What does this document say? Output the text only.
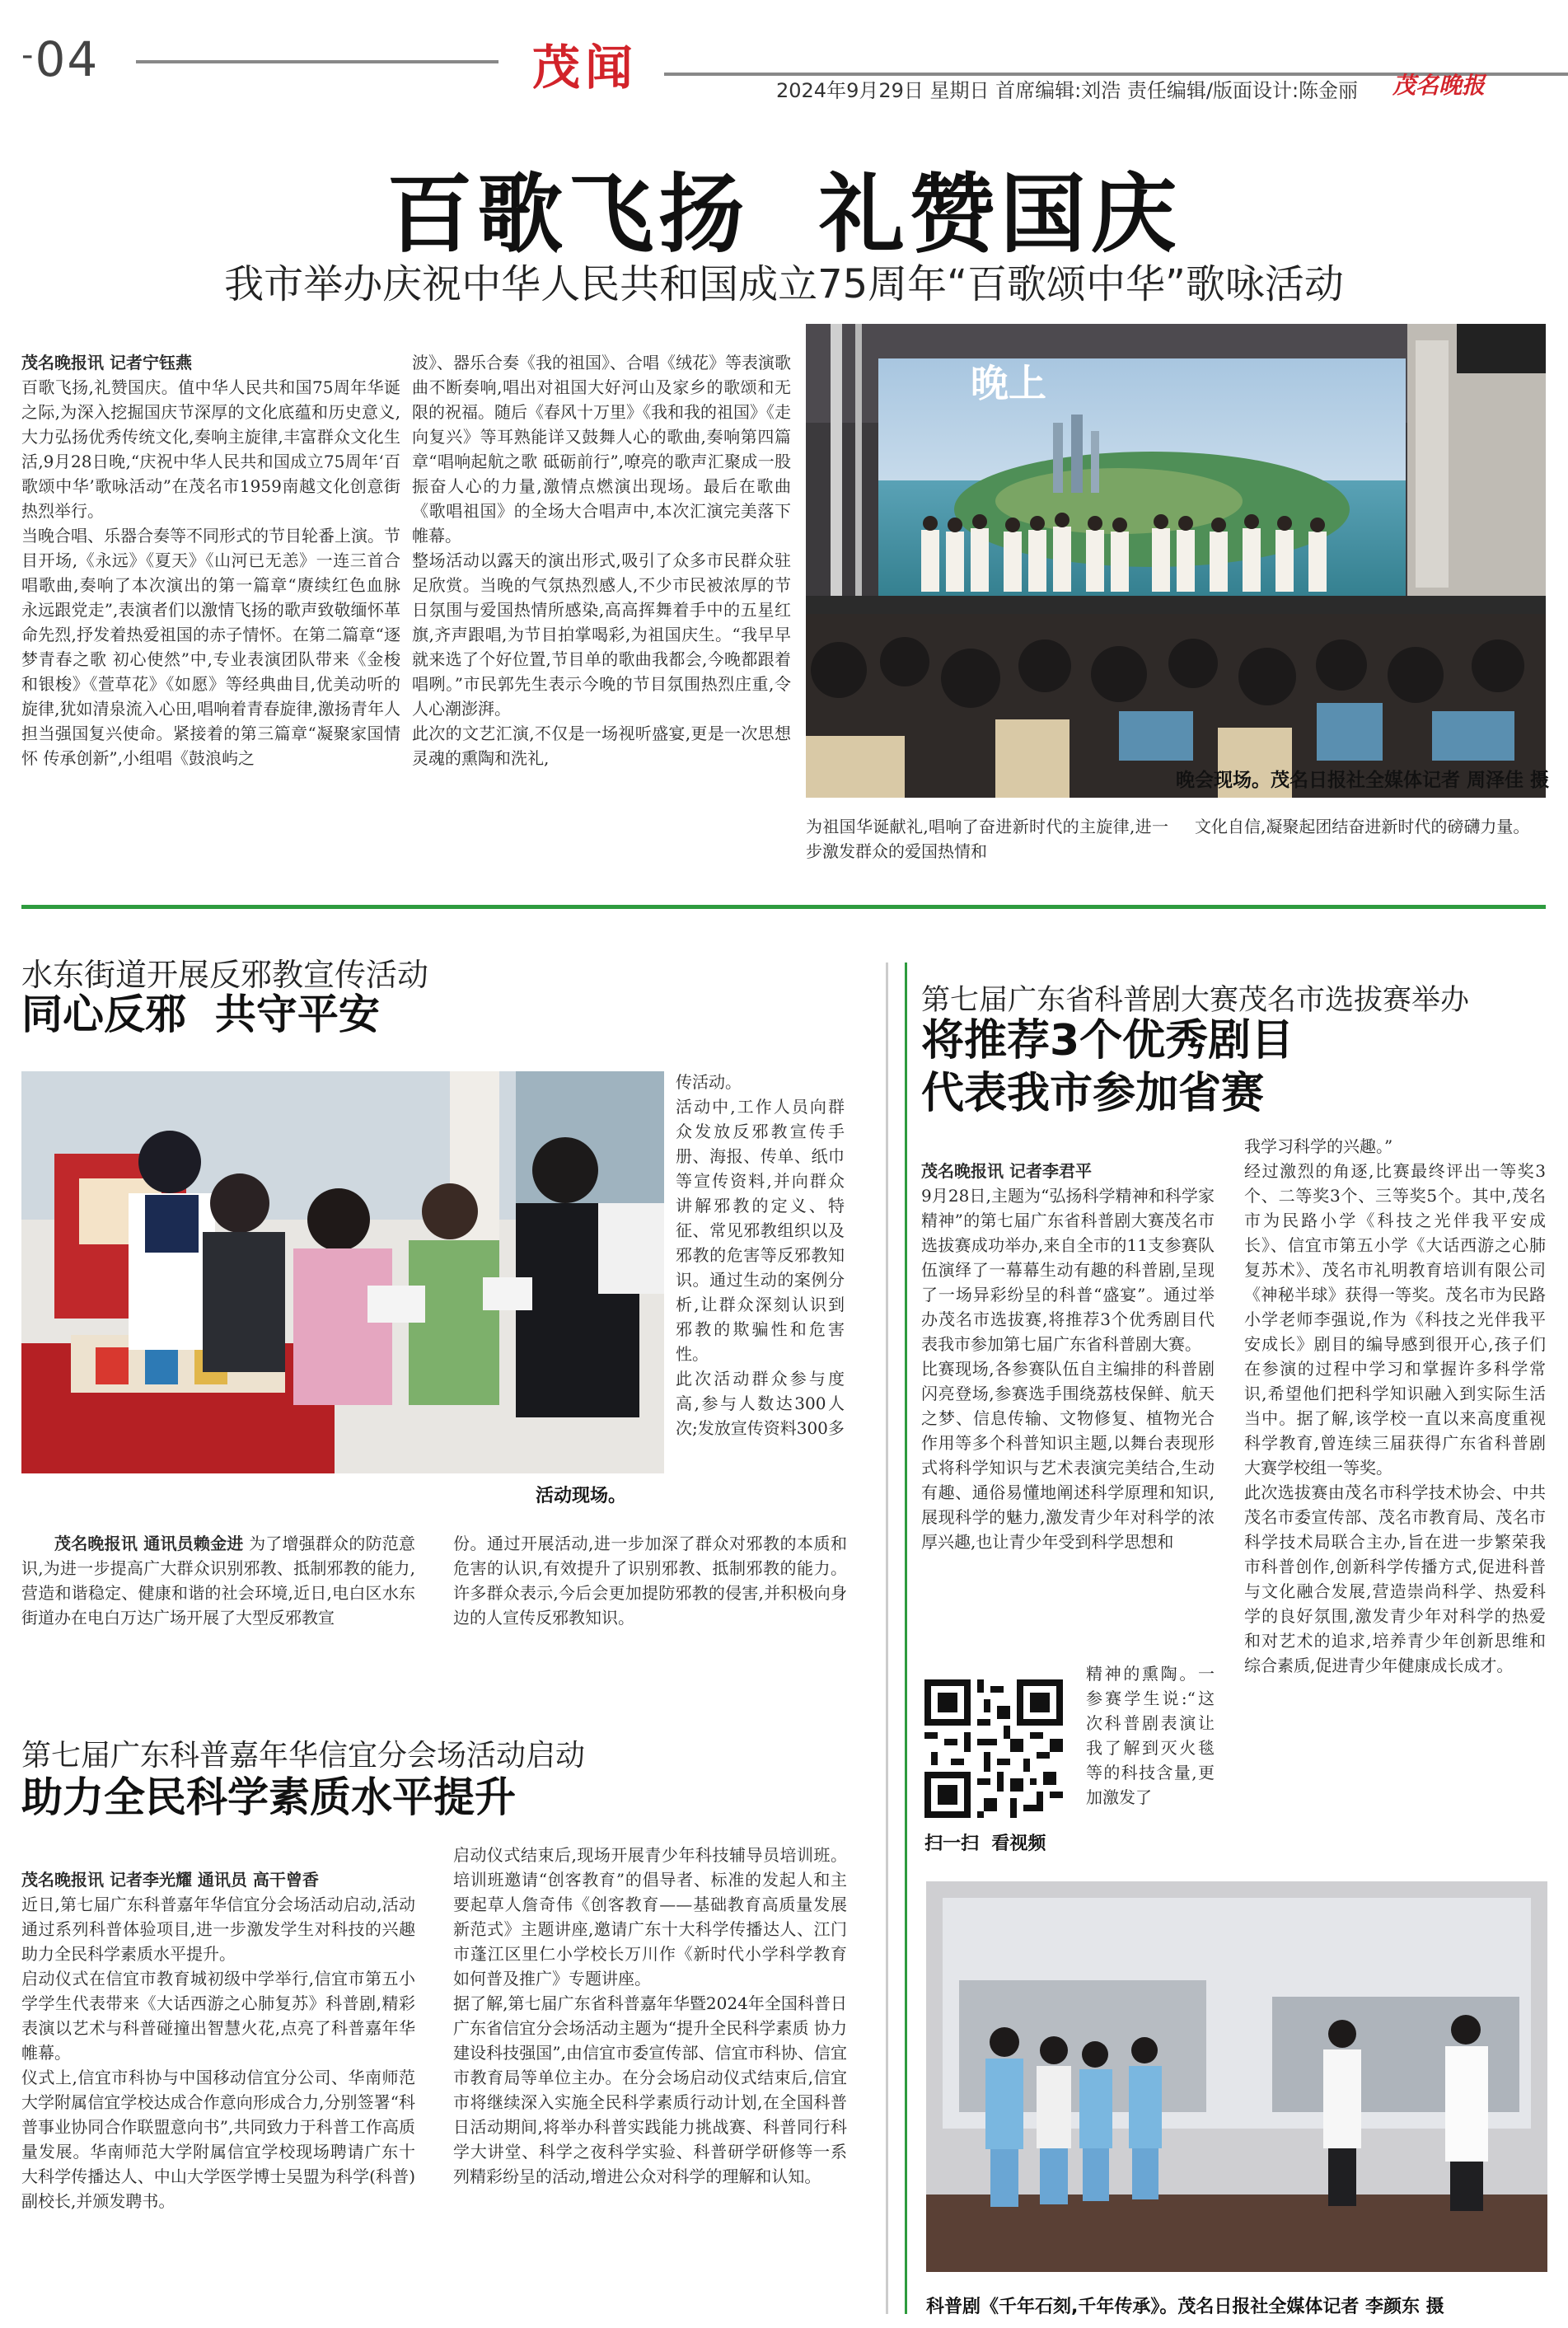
-04	茂闻	2024年9月29日 星期日 首席编辑:刘浩 责任编辑/版面设计:陈金丽 茂名晚报
百歌飞扬  礼赞国庆
我市举办庆祝中华人民共和国成立75周年“百歌颂中华”歌咏活动

茂名晚报讯 记者宁钰燕
百歌飞扬,礼赞国庆。值中华人民共和国75周年华诞之际,为深入挖掘国庆节深厚的文化底蕴和历史意义,大力弘扬优秀传统文化,奏响主旋律,丰富群众文化生活,9月28日晚,“庆祝中华人民共和国成立75周年‘百歌颂中华’歌咏活动”在茂名市1959南越文化创意街热烈举行。
当晚合唱、乐器合奏等不同形式的节目轮番上演。节目开场,《永远》《夏天》《山河已无恙》一连三首合唱歌曲,奏响了本次演出的第一篇章“赓续红色血脉 永远跟党走”,表演者们以激情飞扬的歌声致敬缅怀革命先烈,抒发着热爱祖国的赤子情怀。在第二篇章“逐梦青春之歌 初心使然”中,专业表演团队带来《金梭和银梭》《萱草花》《如愿》等经典曲目,优美动听的旋律,犹如清泉流入心田,唱响着青春旋律,激扬青年人担当强国复兴使命。紧接着的第三篇章“凝聚家国情怀 传承创新”,小组唱《鼓浪屿之

波》、器乐合奏《我的祖国》、合唱《绒花》等表演歌曲不断奏响,唱出对祖国大好河山及家乡的歌颂和无限的祝福。随后《春风十万里》《我和我的祖国》《走向复兴》等耳熟能详又鼓舞人心的歌曲,奏响第四篇章“唱响起航之歌 砥砺前行”,嘹亮的歌声汇聚成一股振奋人心的力量,激情点燃演出现场。最后在歌曲《歌唱祖国》的全场大合唱声中,本次汇演完美落下帷幕。
整场活动以露天的演出形式,吸引了众多市民群众驻足欣赏。当晚的气氛热烈感人,不少市民被浓厚的节日氛围与爱国热情所感染,高高挥舞着手中的五星红旗,齐声跟唱,为节目拍掌喝彩,为祖国庆生。“我早早就来选了个好位置,节目单的歌曲我都会,今晚都跟着唱咧。”市民郭先生表示今晚的节目氛围热烈庄重,令人心潮澎湃。
此次的文艺汇演,不仅是一场视听盛宴,更是一次思想灵魂的熏陶和洗礼,

晚上
晚会现场。茂名日报社全媒体记者 周泽佳 摄
为祖国华诞献礼,唱响了奋进新时代的主旋律,进一步激发群众的爱国热情和
文化自信,凝聚起团结奋进新时代的磅礴力量。
水东街道开展反邪教宣传活动
同心反邪  共守平安
活动现场。
传活动。
活动中,工作人员向群众发放反邪教宣传手册、海报、传单、纸巾等宣传资料,并向群众讲解邪教的定义、特征、常见邪教组织以及邪教的危害等反邪教知识。通过生动的案例分析,让群众深刻认识到邪教的欺骗性和危害性。
此次活动群众参与度高,参与人数达300人次;发放宣传资料300多
茂名晚报讯 通讯员赖金进 为了增强群众的防范意识,为进一步提高广大群众识别邪教、抵制邪教的能力,营造和谐稳定、健康和谐的社会环境,近日,电白区水东街道办在电白万达广场开展了大型反邪教宣
份。通过开展活动,进一步加深了群众对邪教的本质和危害的认识,有效提升了识别邪教、抵制邪教的能力。许多群众表示,今后会更加提防邪教的侵害,并积极向身边的人宣传反邪教知识。
第七届广东科普嘉年华信宜分会场活动启动
助力全民科学素质水平提升

茂名晚报讯 记者李光耀 通讯员 高干曾香
近日,第七届广东科普嘉年华信宜分会场活动启动,活动通过系列科普体验项目,进一步激发学生对科技的兴趣助力全民科学素质水平提升。
启动仪式在信宜市教育城初级中学举行,信宜市第五小学学生代表带来《大话西游之心肺复苏》科普剧,精彩表演以艺术与科普碰撞出智慧火花,点亮了科普嘉年华帷幕。
仪式上,信宜市科协与中国移动信宜分公司、华南师范大学附属信宜学校达成合作意向形成合力,分别签署“科普事业协同合作联盟意向书”,共同致力于科普工作高质量发展。华南师范大学附属信宜学校现场聘请广东十大科学传播达人、中山大学医学博士吴盟为科学(科普)副校长,并颁发聘书。

启动仪式结束后,现场开展青少年科技辅导员培训班。培训班邀请“创客教育”的倡导者、标准的发起人和主要起草人詹奇伟《创客教育——基础教育高质量发展新范式》主题讲座,邀请广东十大科学传播达人、江门市蓬江区里仁小学校长万川作《新时代小学科学教育如何普及推广》专题讲座。
据了解,第七届广东省科普嘉年华暨2024年全国科普日广东省信宜分会场活动主题为“提升全民科学素质 协力建设科技强国”,由信宜市委宣传部、信宜市科协、信宜市教育局等单位主办。在分会场启动仪式结束后,信宜市将继续深入实施全民科学素质行动计划,在全国科普日活动期间,将举办科普实践能力挑战赛、科普同行科学大讲堂、科学之夜科学实验、科普研学研修等一系列精彩纷呈的活动,增进公众对科学的理解和认知。
第七届广东省科普剧大赛茂名市选拔赛举办
将推荐3个优秀剧目
代表我市参加省赛

茂名晚报讯 记者李君平
9月28日,主题为“弘扬科学精神和科学家精神”的第七届广东省科普剧大赛茂名市选拔赛成功举办,来自全市的11支参赛队伍演绎了一幕幕生动有趣的科普剧,呈现了一场异彩纷呈的科普“盛宴”。通过举办茂名市选拔赛,将推荐3个优秀剧目代表我市参加第七届广东省科普剧大赛。
比赛现场,各参赛队伍自主编排的科普剧闪亮登场,参赛选手围绕荔枝保鲜、航天之梦、信息传输、文物修复、植物光合作用等多个科普知识主题,以舞台表现形式将科学知识与艺术表演完美结合,生动有趣、通俗易懂地阐述科学原理和知识,展现科学的魅力,激发青少年对科学的浓厚兴趣,也让青少年受到科学思想和

精神的熏陶。一参赛学生说:“这次科普剧表演让我了解到灭火毯等的科技含量,更加激发了
扫一扫  看视频
我学习科学的兴趣。”
经过激烈的角逐,比赛最终评出一等奖3个、二等奖3个、三等奖5个。其中,茂名市为民路小学《科技之光伴我平安成长》、信宜市第五小学《大话西游之心肺复苏术》、茂名市礼明教育培训有限公司《神秘半球》获得一等奖。茂名市为民路小学老师李强说,作为《科技之光伴我平安成长》剧目的编导感到很开心,孩子们在参演的过程中学习和掌握许多科学常识,希望他们把科学知识融入到实际生活当中。据了解,该学校一直以来高度重视科学教育,曾连续三届获得广东省科普剧大赛学校组一等奖。
此次选拔赛由茂名市科学技术协会、中共茂名市委宣传部、茂名市教育局、茂名市科学技术局联合主办,旨在进一步繁荣我市科普创作,创新科学传播方式,促进科普与文化融合发展,营造崇尚科学、热爱科学的良好氛围,激发青少年对科学的热爱和对艺术的追求,培养青少年创新思维和综合素质,促进青少年健康成长成才。
科普剧《千年石刻,千年传承》。茂名日报社全媒体记者 李颜东 摄
